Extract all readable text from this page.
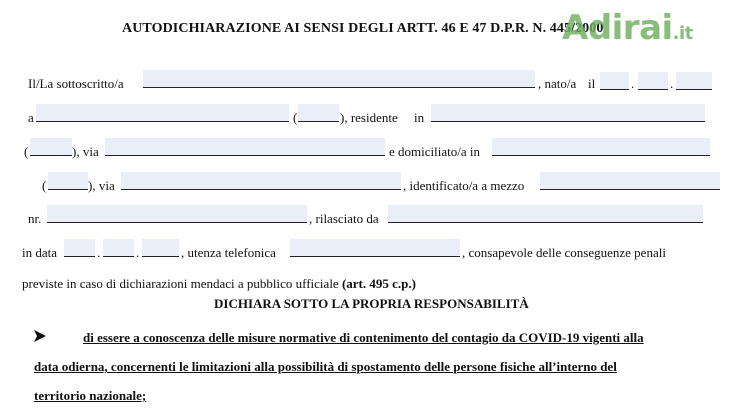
AUTODICHIARAZIONE AI SENSI DEGLI ARTT. 46 E 47 D.P.R. N. 445/2000
Adirai.it
Il/La sottoscritto/a	, nato/a il	.	.
a	(	), residente in
(	), via	e domiciliato/a in
(	), via	, identificato/a a mezzo
nr.	, rilasciato da
in data	.	.	, utenza telefonica	, consapevole delle conseguenze penali
previste in caso di dichiarazioni mendaci a pubblico ufficiale (art. 495 c.p.)
DICHIARA SOTTO LA PROPRIA RESPONSABILITÀ
di essere a conoscenza delle misure normative di contenimento del contagio da COVID-19 vigenti alla
data odierna, concernenti le limitazioni alla possibilità di spostamento delle persone fisiche all’interno del
territorio nazionale;
